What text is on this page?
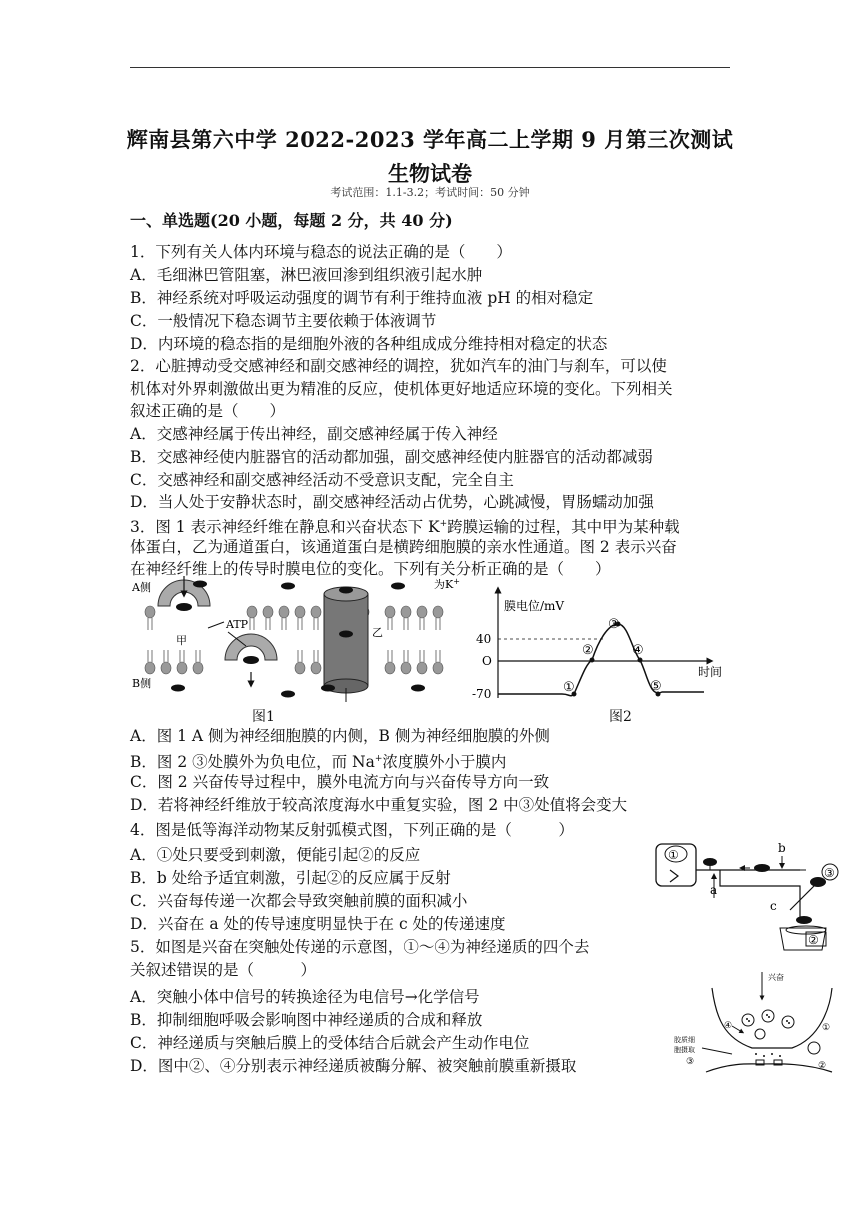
辉南县第六中学 2022-2023 学年高二上学期 9 月第三次测试
生物试卷
考试范围：1.1-3.2；考试时间：50 分钟
一、单选题(20 小题，每题 2 分，共 40 分)
1．下列有关人体内环境与稳态的说法正确的是（　　）
A．毛细淋巴管阻塞，淋巴液回渗到组织液引起水肿
B．神经系统对呼吸运动强度的调节有利于维持血液 pH 的相对稳定
C．一般情况下稳态调节主要依赖于体液调节
D．内环境的稳态指的是细胞外液的各种组成成分维持相对稳定的状态
2．心脏搏动受交感神经和副交感神经的调控，犹如汽车的油门与刹车，可以使
机体对外界刺激做出更为精准的反应，使机体更好地适应环境的变化。下列相关
叙述正确的是（　　）
A．交感神经属于传出神经，副交感神经属于传入神经
B．交感神经使内脏器官的活动都加强，副交感神经使内脏器官的活动都减弱
C．交感神经和副交感神经活动不受意识支配，完全自主
D．当人处于安静状态时，副交感神经活动占优势，心跳减慢，胃肠蠕动加强
3．图 1 表示神经纤维在静息和兴奋状态下 K+跨膜运输的过程，其中甲为某种载
体蛋白，乙为通道蛋白，该通道蛋白是横跨细胞膜的亲水性通道。图 2 表示兴奋
在神经纤维上的传导时膜电位的变化。下列有关分析正确的是（　　）
A侧
B侧
为K+
ATP
甲
乙
图1
膜电位/mV
时间
40
O
-70	①
②
③
④
⑤
图2
A．图 1 A 侧为神经细胞膜的内侧，B 侧为神经细胞膜的外侧
B．图 2 ③处膜外为负电位，而 Na+浓度膜外小于膜内
C．图 2 兴奋传导过程中，膜外电流方向与兴奋传导方向一致
D．若将神经纤维放于较高浓度海水中重复实验，图 2 中③处值将会变大
4．图是低等海洋动物某反射弧模式图，下列正确的是（　　　）
A．①处只要受到刺激，便能引起②的反应
B．b 处给予适宜刺激，引起②的反应属于反射
C．兴奋每传递一次都会导致突触前膜的面积减小
D．兴奋在 a 处的传导速度明显快于在 c 处的传递速度
①
a
b
③
c
②
5．如图是兴奋在突触处传递的示意图，①～④为神经递质的四个去
关叙述错误的是（　　　）
A．突触小体中信号的转换途径为电信号→化学信号
B．抑制细胞呼吸会影响图中神经递质的合成和释放
C．神经递质与突触后膜上的受体结合后就会产生动作电位
D．图中②、④分别表示神经递质被酶分解、被突触前膜重新摄取
兴奋
④	①
②
③
胶质细
胞摄取
